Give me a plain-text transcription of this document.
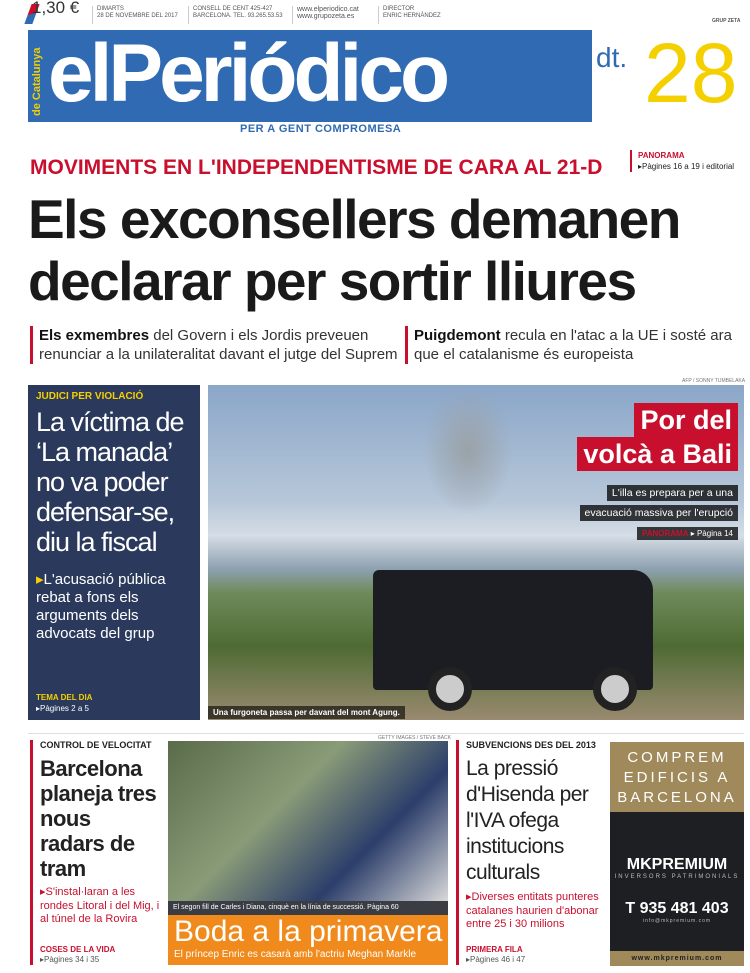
1,30 €	DIMARTS
28 DE NOVEMBRE DEL 2017
CONSELL DE CENT 425-427
BARCELONA. TEL. 93.265.53.53
www.elperiodico.cat
www.grupozeta.es
DIRECTOR
ENRIC HERNÀNDEZ
GRUP ZETA
de Catalunya elPeriódico	dt. 28
PER A GENT COMPROMESA
MOVIMENTS EN L'INDEPENDENTISME DE CARA AL 21-D
PANORAMA
▸Pàgines 16 a 19 i editorial
Els exconsellers demanen
declarar per sortir lliures
Els exmembres del Govern i els Jordis preveuen renunciar a la unilateralitat davant el jutge del Suprem
Puigdemont recula en l'atac a la UE i sosté ara que el catalanisme és europeista
JUDICI PER VIOLACIÓ
La víctima de ‘La manada’ no va poder defensar-se, diu la fiscal
▸L'acusació pública rebat a fons els arguments dels advocats del grup
TEMA DEL DIA
▸Pàgines 2 a 5
AFP / SONNY TUMBELAKA
Por del
volcà a Bali
L'illa es prepara per a una
evacuació massiva per l'erupció
PANORAMA ▸ Pàgina 14
Una furgoneta passa per davant del mont Agung.
CONTROL DE VELOCITAT
Barcelona planeja tres nous radars de tram
▸S'instal·laran a les rondes Litoral i del Mig, i al túnel de la Rovira
COSES DE LA VIDA
▸Pàgines 34 i 35
GETTY IMAGES / STEVE BACK
El segon fill de Carles i Diana, cinquè en la línia de successió. Pàgina 60
Boda a la primavera
El príncep Enric es casarà amb l'actriu Meghan Markle
SUBVENCIONS DES DEL 2013
La pressió d'Hisenda per l'IVA ofega institucions culturals
▸Diverses entitats punteres catalanes haurien d'abonar entre 25 i 30 milions
PRIMERA FILA
▸Pàgines 46 i 47
COMPREM
EDIFICIS A
BARCELONA
MKPREMIUM
INVERSORS PATRIMONIALS
T 935 481 403
info@mkpremium.com
www.mkpremium.com
